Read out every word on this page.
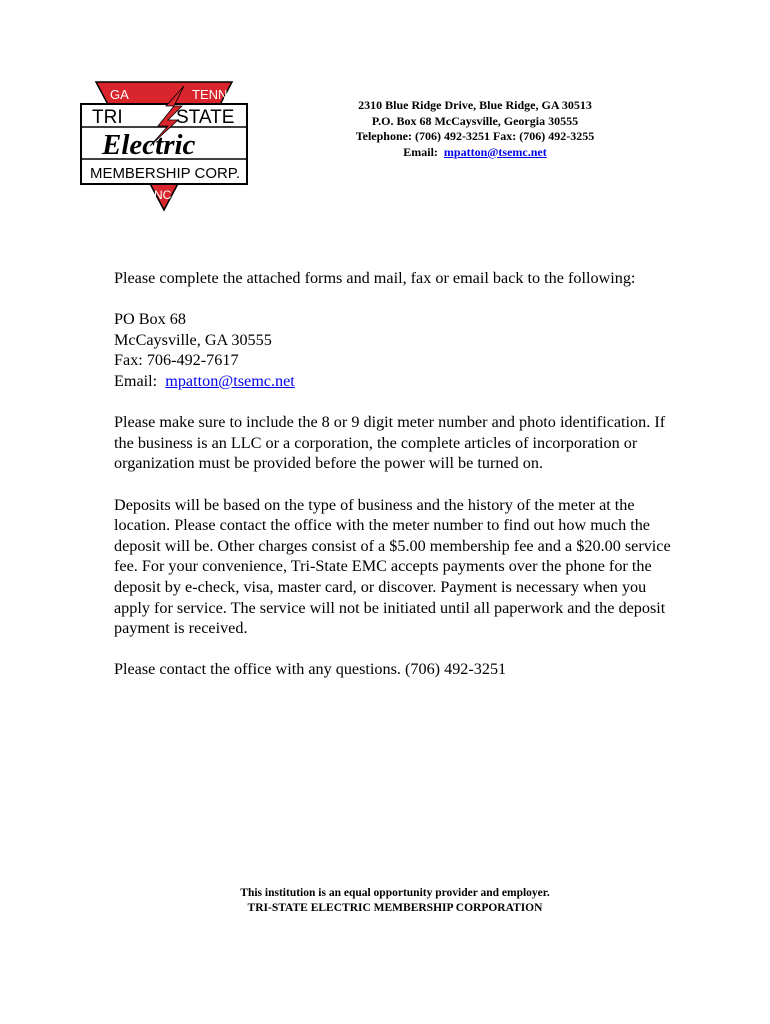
GA	TENN
TRI	STATE
Electric
MEMBERSHIP CORP.
NC
2310 Blue Ridge Drive, Blue Ridge, GA 30513
P.O. Box 68 McCaysville, Georgia 30555
Telephone: (706) 492-3251 Fax: (706) 492-3255
Email: mpatton@tsemc.net

Please complete the attached forms and mail, fax or email back to the following:

PO Box 68
McCaysville, GA 30555
Fax: 706-492-7617
Email: mpatton@tsemc.net

Please make sure to include the 8 or 9 digit meter number and photo identification. If the business is an LLC or a corporation, the complete articles of incorporation or organization must be provided before the power will be turned on.

Deposits will be based on the type of business and the history of the meter at the location. Please contact the office with the meter number to find out how much the deposit will be. Other charges consist of a $5.00 membership fee and a $20.00 service fee. For your convenience, Tri-State EMC accepts payments over the phone for the deposit by e-check, visa, master card, or discover. Payment is necessary when you apply for service. The service will not be initiated until all paperwork and the deposit payment is received.

Please contact the office with any questions. (706) 492-3251

This institution is an equal opportunity provider and employer.
TRI-STATE ELECTRIC MEMBERSHIP CORPORATION
